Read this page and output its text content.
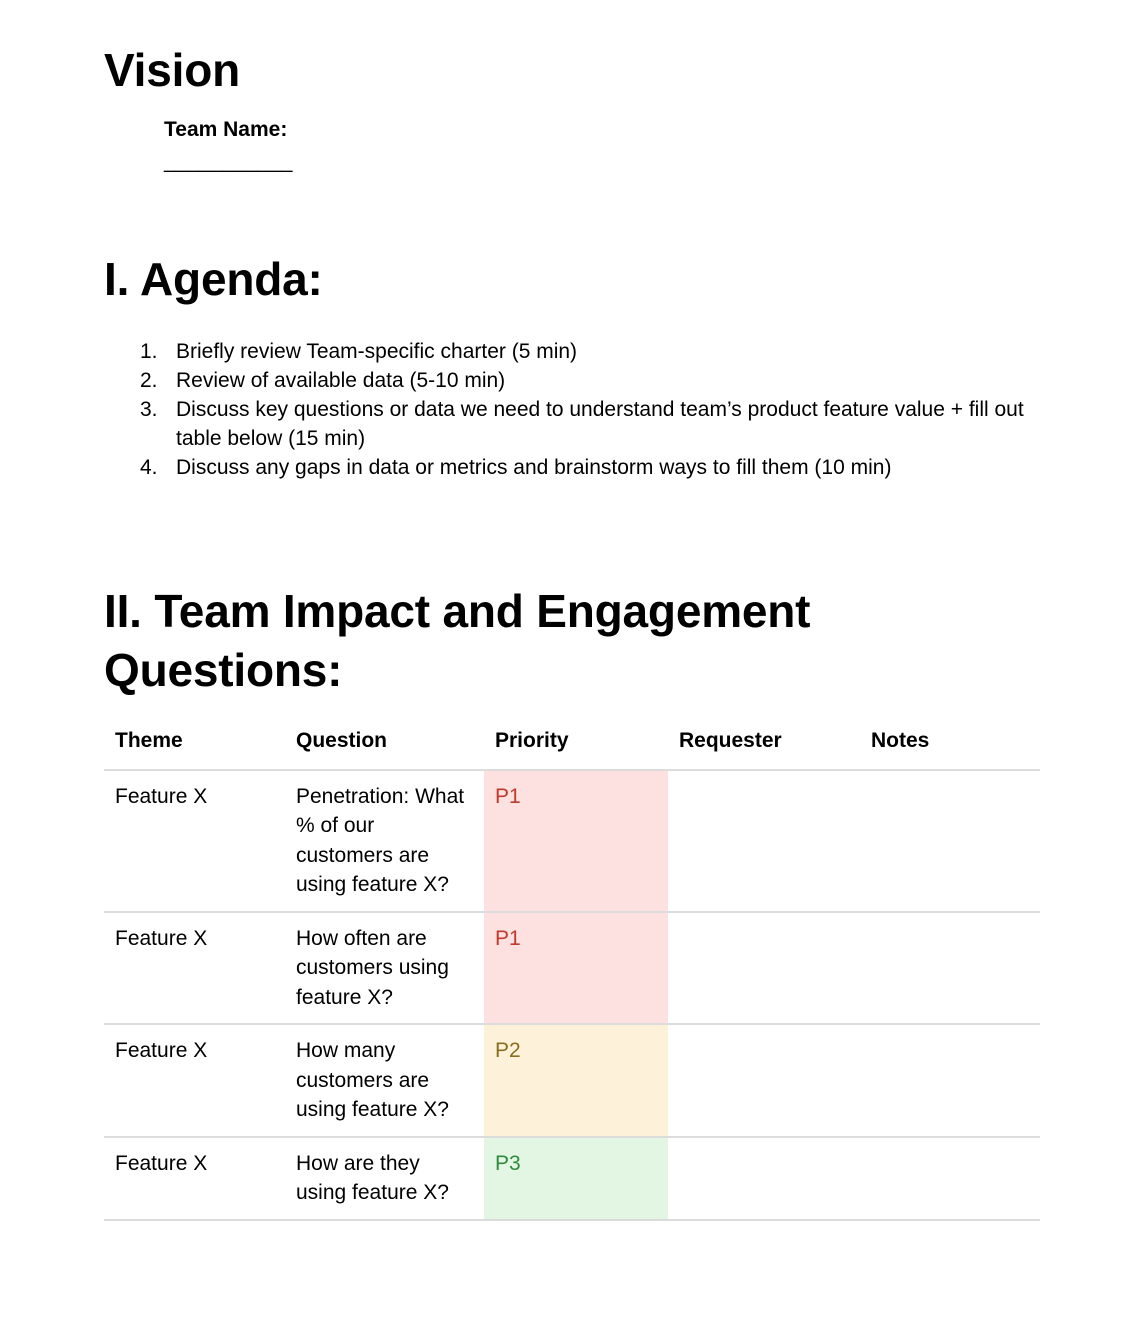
Vision
Team Name:
___________
I. Agenda:
1. Briefly review Team-specific charter (5 min)
2. Review of available data (5-10 min)
3. Discuss key questions or data we need to understand team’s product feature value + fill out table below (15 min)
4. Discuss any gaps in data or metrics and brainstorm ways to fill them (10 min)
II. Team Impact and Engagement Questions:
Theme	Question	Priority	Requester	Notes
Feature X	Penetration: What % of our customers are using feature X?	P1		
Feature X	How often are customers using feature X?	P1		
Feature X	How many customers are using feature X?	P2		
Feature X	How are they using feature X?	P3		
